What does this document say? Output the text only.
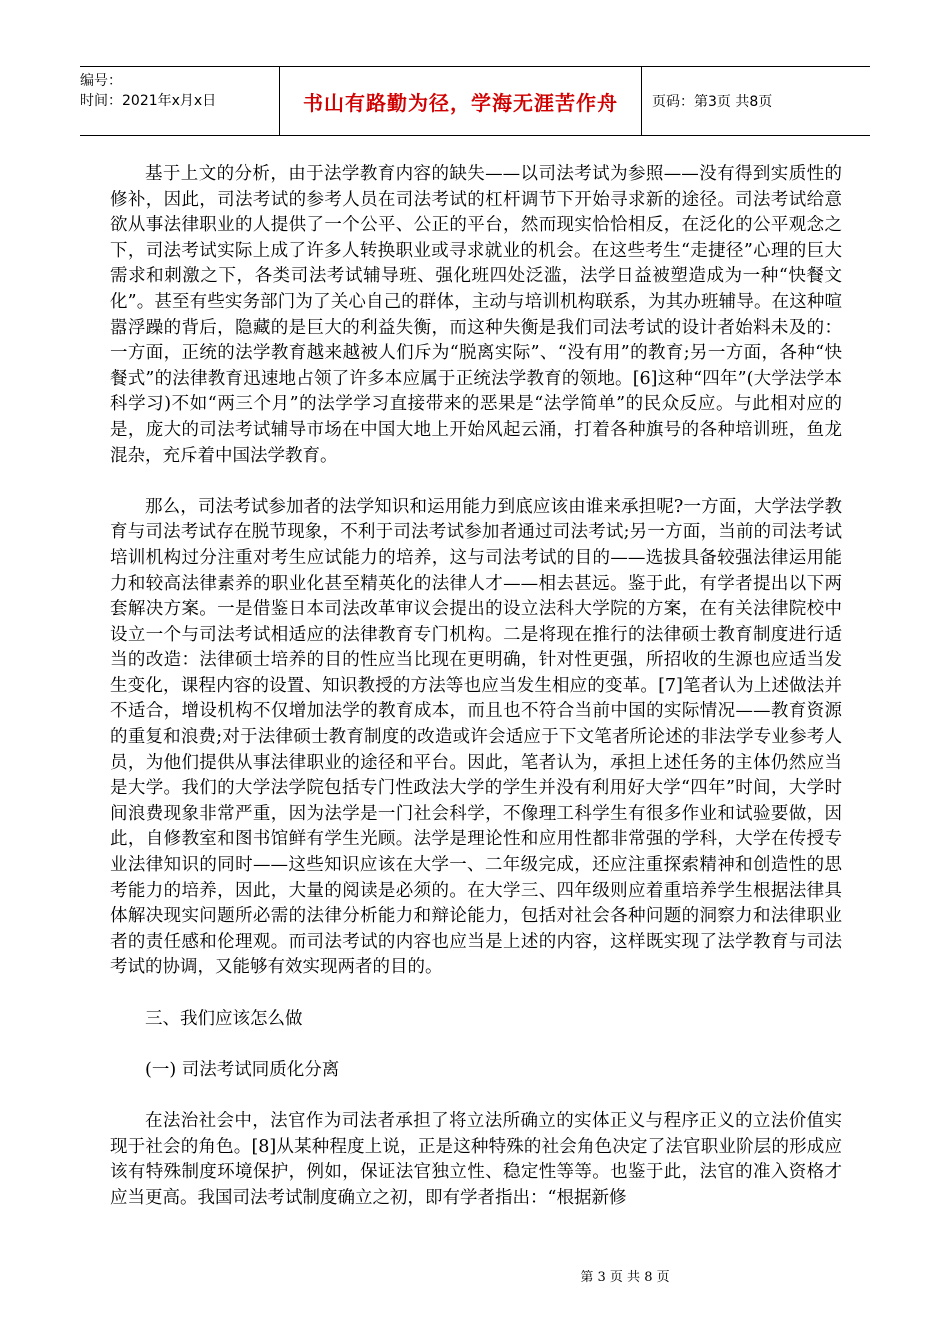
编号：
时间：2021年x月x日	书山有路勤为径，学海无涯苦作舟	页码：第3页 共8页

基于上文的分析，由于法学教育内容的缺失——以司法考试为参照——没有得到实质性的修补，因此，司法考试的参考人员在司法考试的杠杆调节下开始寻求新的途径。司法考试给意欲从事法律职业的人提供了一个公平、公正的平台，然而现实恰恰相反，在泛化的公平观念之下，司法考试实际上成了许多人转换职业或寻求就业的机会。在这些考生“走捷径”心理的巨大需求和刺激之下，各类司法考试辅导班、强化班四处泛滥，法学日益被塑造成为一种“快餐文化”。甚至有些实务部门为了关心自己的群体，主动与培训机构联系，为其办班辅导。在这种喧嚣浮躁的背后，隐藏的是巨大的利益失衡，而这种失衡是我们司法考试的设计者始料未及的：一方面，正统的法学教育越来越被人们斥为“脱离实际”、“没有用”的教育;另一方面，各种“快餐式”的法律教育迅速地占领了许多本应属于正统法学教育的领地。[6]这种“四年”(大学法学本科学习)不如“两三个月”的法学学习直接带来的恶果是“法学简单”的民众反应。与此相对应的是，庞大的司法考试辅导市场在中国大地上开始风起云涌，打着各种旗号的各种培训班，鱼龙混杂，充斥着中国法学教育。

那么，司法考试参加者的法学知识和运用能力到底应该由谁来承担呢?一方面，大学法学教育与司法考试存在脱节现象，不利于司法考试参加者通过司法考试;另一方面，当前的司法考试培训机构过分注重对考生应试能力的培养，这与司法考试的目的——选拔具备较强法律运用能力和较高法律素养的职业化甚至精英化的法律人才——相去甚远。鉴于此，有学者提出以下两套解决方案。一是借鉴日本司法改革审议会提出的设立法科大学院的方案，在有关法律院校中设立一个与司法考试相适应的法律教育专门机构。二是将现在推行的法律硕士教育制度进行适当的改造：法律硕士培养的目的性应当比现在更明确，针对性更强，所招收的生源也应适当发生变化，课程内容的设置、知识教授的方法等也应当发生相应的变革。[7]笔者认为上述做法并不适合，增设机构不仅增加法学的教育成本，而且也不符合当前中国的实际情况——教育资源的重复和浪费;对于法律硕士教育制度的改造或许会适应于下文笔者所论述的非法学专业参考人员，为他们提供从事法律职业的途径和平台。因此，笔者认为，承担上述任务的主体仍然应当是大学。我们的大学法学院包括专门性政法大学的学生并没有利用好大学“四年”时间，大学时间浪费现象非常严重，因为法学是一门社会科学，不像理工科学生有很多作业和试验要做，因此，自修教室和图书馆鲜有学生光顾。法学是理论性和应用性都非常强的学科，大学在传授专业法律知识的同时——这些知识应该在大学一、二年级完成，还应注重探索精神和创造性的思考能力的培养，因此，大量的阅读是必须的。在大学三、四年级则应着重培养学生根据法律具体解决现实问题所必需的法律分析能力和辩论能力，包括对社会各种问题的洞察力和法律职业者的责任感和伦理观。而司法考试的内容也应当是上述的内容，这样既实现了法学教育与司法考试的协调，又能够有效实现两者的目的。

三、我们应该怎么做

(一) 司法考试同质化分离

在法治社会中，法官作为司法者承担了将立法所确立的实体正义与程序正义的立法价值实现于社会的角色。[8]从某种程度上说，正是这种特殊的社会角色决定了法官职业阶层的形成应该有特殊制度环境保护，例如，保证法官独立性、稳定性等等。也鉴于此，法官的准入资格才应当更高。我国司法考试制度确立之初，即有学者指出：“根据新修

第 3 页 共 8 页
